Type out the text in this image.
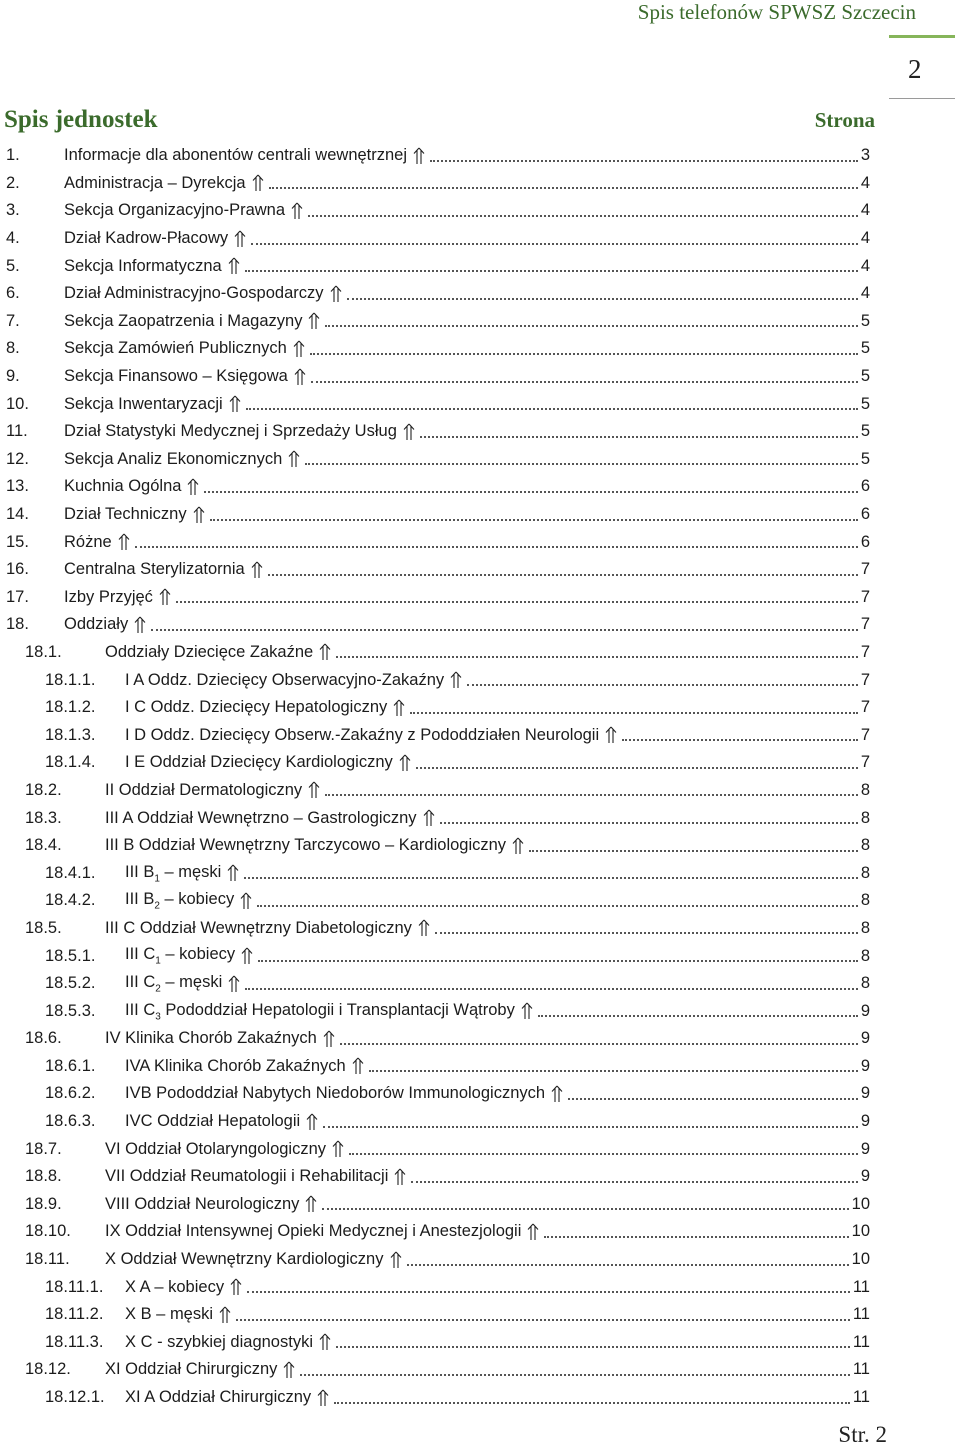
Spis telefonów SPWSZ Szczecin
2
Spis jednostek	Strona
1.	Informacje dla abonentów centrali wewnętrznej	3
2.	Administracja – Dyrekcja	4
3.	Sekcja Organizacyjno-Prawna	4
4.	Dział Kadrow-Płacowy	4
5.	Sekcja Informatyczna	4
6.	Dział Administracyjno-Gospodarczy	4
7.	Sekcja Zaopatrzenia i Magazyny	5
8.	Sekcja Zamówień Publicznych	5
9.	Sekcja Finansowo – Księgowa	5
10.	Sekcja Inwentaryzacji	5
11.	Dział Statystyki Medycznej i Sprzedaży Usług	5
12.	Sekcja Analiz Ekonomicznych	5
13.	Kuchnia Ogólna	6
14.	Dział Techniczny	6
15.	Różne	6
16.	Centralna Sterylizatornia	7
17.	Izby Przyjęć	7
18.	Oddziały	7
18.1.	Oddziały Dziecięce Zakaźne	7
18.1.1.	I A Oddz. Dziecięcy Obserwacyjno-Zakaźny	7
18.1.2.	I C Oddz. Dziecięcy Hepatologiczny	7
18.1.3.	I D Oddz. Dziecięcy Obserw.-Zakaźny z Pododdziałen Neurologii	7
18.1.4.	I E Oddział Dziecięcy Kardiologiczny	7
18.2.	II Oddział Dermatologiczny	8
18.3.	III A Oddział Wewnętrzno – Gastrologiczny	8
18.4.	III B Oddział Wewnętrzny Tarczycowo – Kardiologiczny	8
18.4.1.	III $B_1$ – męski	8
18.4.2.	III $B_2$ – kobiecy	8
18.5.	III C Oddział Wewnętrzny Diabetologiczny	8
18.5.1.	III $C_1$ – kobiecy	8
18.5.2.	III $C_2$ – męski	8
18.5.3.	III $C_3$ Pododdział Hepatologii i Transplantacji Wątroby	9
18.6.	IV Klinika Chorób Zakaźnych	9
18.6.1.	IVA Klinika Chorób Zakaźnych	9
18.6.2.	IVB Pododdział Nabytych Niedoborów Immunologicznych	9
18.6.3.	IVC Oddział Hepatologii	9
18.7.	VI Oddział Otolaryngologiczny	9
18.8.	VII Oddział Reumatologii i Rehabilitacji	9
18.9.	VIII Oddział Neurologiczny	10
18.10.	IX Oddział Intensywnej Opieki Medycznej i Anestezjologii	10
18.11.	X Oddział Wewnętrzny Kardiologiczny	10
18.11.1.	X A – kobiecy	11
18.11.2.	X B – męski	11
18.11.3.	X C - szybkiej diagnostyki	11
18.12.	XI Oddział Chirurgiczny	11
18.12.1.	XI A Oddział Chirurgiczny	11
Str. 2
